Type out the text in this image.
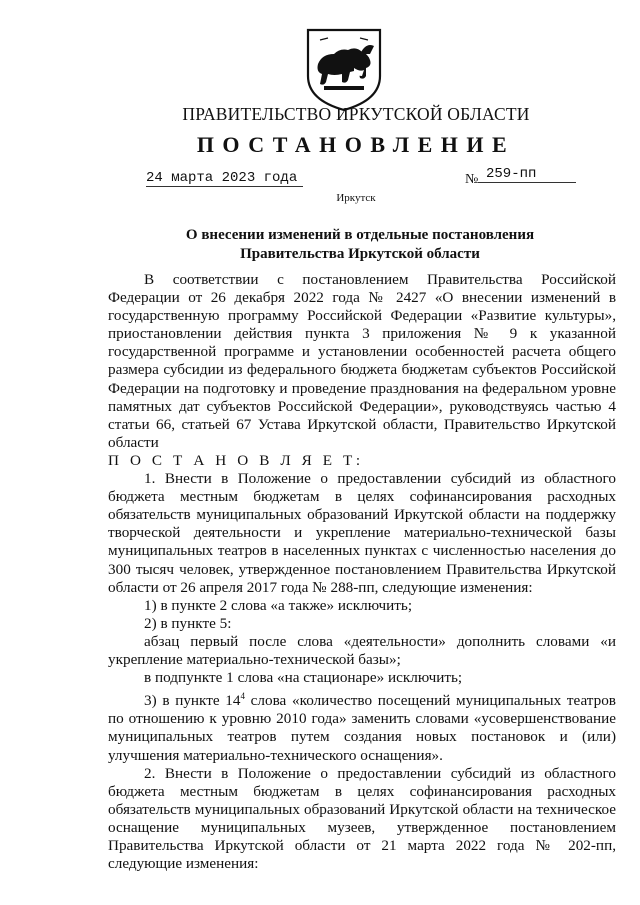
ПРАВИТЕЛЬСТВО ИРКУТСКОЙ ОБЛАСТИ
ПОСТАНОВЛЕНИЕ
24 марта 2023 года	№ 259-пп
Иркутск
О внесении изменений в отдельные постановления
Правительства Иркутской области

В соответствии с постановлением Правительства Российской Федерации от 26 декабря 2022 года № 2427 «О внесении изменений в государственную программу Российской Федерации «Развитие культуры», приостановлении действия пункта 3 приложения № 9 к указанной государственной программе и установлении особенностей расчета общего размера субсидии из федерального бюджета бюджетам субъектов Российской Федерации на подготовку и проведение празднования на федеральном уровне памятных дат субъектов Российской Федерации», руководствуясь частью 4 статьи 66, статьей 67 Устава Иркутской области, Правительство Иркутской области

П О С Т А Н О В Л Я Е Т:

1. Внести в Положение о предоставлении субсидий из областного бюджета местным бюджетам в целях софинансирования расходных обязательств муниципальных образований Иркутской области на поддержку творческой деятельности и укрепление материально-технической базы муниципальных театров в населенных пунктах с численностью населения до 300 тысяч человек, утвержденное постановлением Правительства Иркутской области от 26 апреля 2017 года № 288-пп, следующие изменения:

1) в пункте 2 слова «а также» исключить;

2) в пункте 5:

абзац первый после слова «деятельности» дополнить словами «и укрепление материально-технической базы»;

в подпункте 1 слова «на стационаре» исключить;

3) в пункте $14^4$ слова «количество посещений муниципальных театров по отношению к уровню 2010 года» заменить словами «усовершенствование муниципальных театров путем создания новых постановок и (или) улучшения материально-технического оснащения».

2. Внести в Положение о предоставлении субсидий из областного бюджета местным бюджетам в целях софинансирования расходных обязательств муниципальных образований Иркутской области на техническое оснащение муниципальных музеев, утвержденное постановлением Правительства Иркутской области от 21 марта 2022 года № 202-пп, следующие изменения:
